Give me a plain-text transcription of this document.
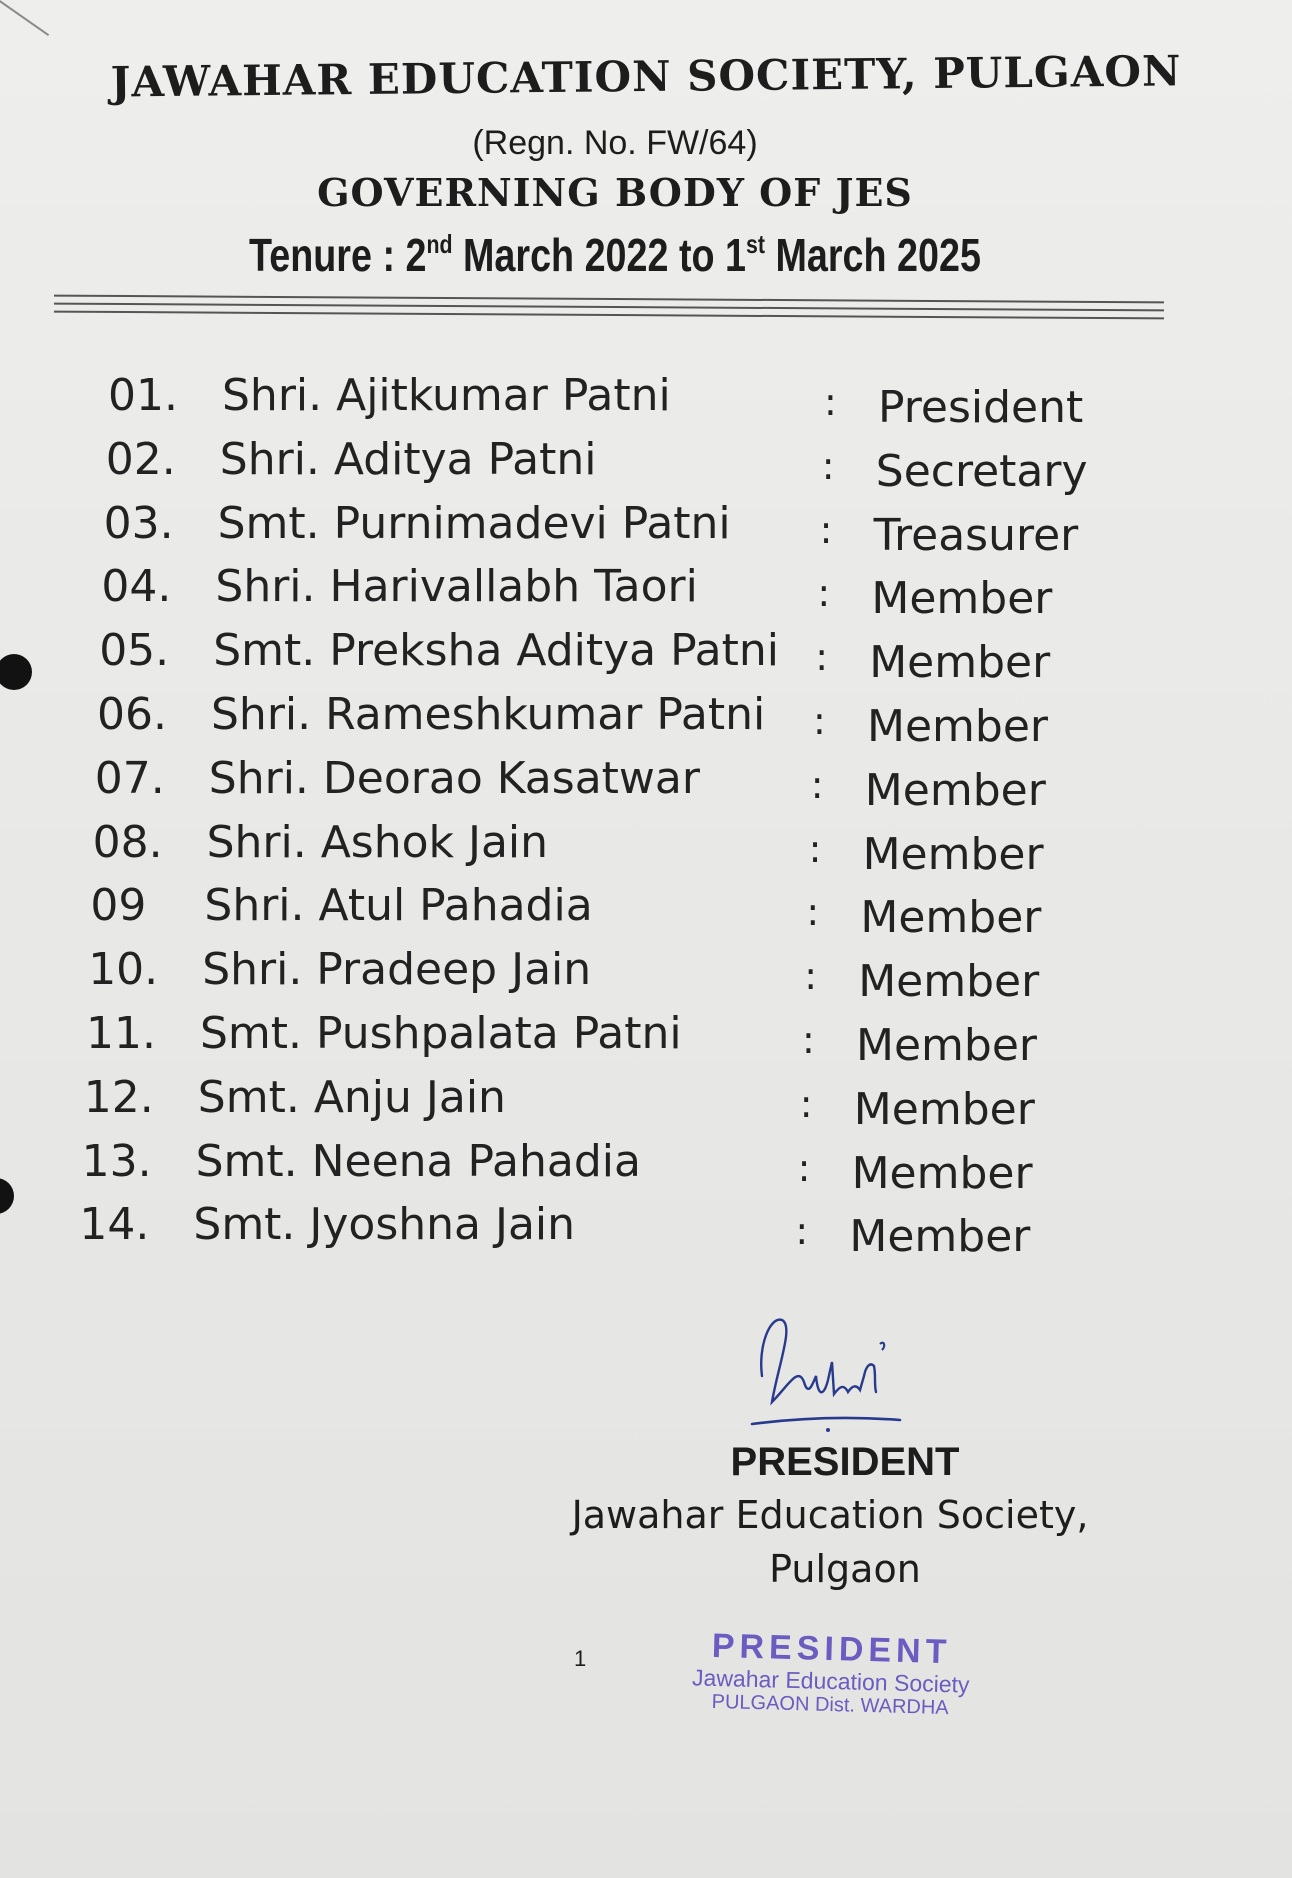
JAWAHAR EDUCATION SOCIETY, PULGAON
(Regn. No. FW/64)
GOVERNING BODY OF JES
Tenure : 2nd March 2022 to 1st March 2025
01. Shri. Ajitkumar Patni	: President
02. Shri. Aditya Patni	: Secretary
03. Smt. Purnimadevi Patni : Treasurer
04. Shri. Harivallabh Taori	: Member
05. Smt. Preksha Aditya Patni : Member
06. Shri. Rameshkumar Patni : Member
07. Shri. Deorao Kasatwar	: Member
08. Shri. Ashok Jain	: Member
09 Shri. Atul Pahadia	: Member
10. Shri. Pradeep Jain	: Member
11. Smt. Pushpalata Patni	: Member
12. Smt. Anju Jain	: Member
13. Smt. Neena Pahadia	: Member
14. Smt. Jyoshna Jain	: Member
PRESIDENT
Jawahar Education Society,
Pulgaon
1	PRESIDENT
Jawahar Education Society
PULGAON Dist. WARDHA
